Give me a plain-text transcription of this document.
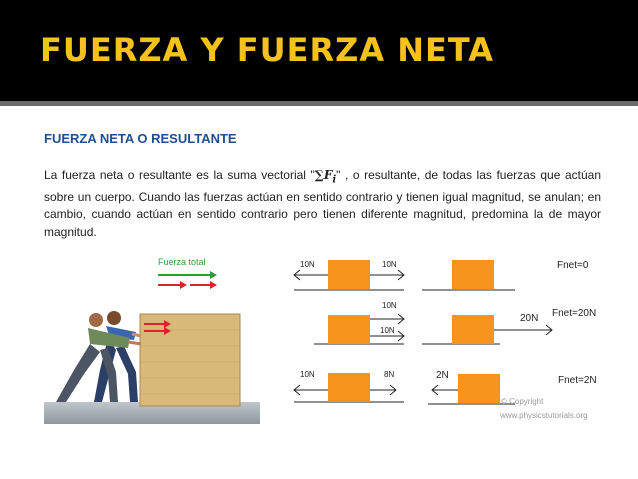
FUERZA Y FUERZA NETA
FUERZA NETA O RESULTANTE
La fuerza neta o resultante es la suma vectorial "∑𝑭$_i$" , o resultante, de todas las fuerzas que actúan sobre un cuerpo. Cuando las fuerzas actúan en sentido contrario y tienen igual magnitud, se anulan; en cambio, cuando actúan en sentido contrario pero tienen diferente magnitud, predomina la de mayor magnitud.
Fuerza total	10N	10N	Fnet=0
10N
10N
20N Fnet=20N
10N	8N	2N	Fnet=2N
© Copyright
www.physicstutorials.org
